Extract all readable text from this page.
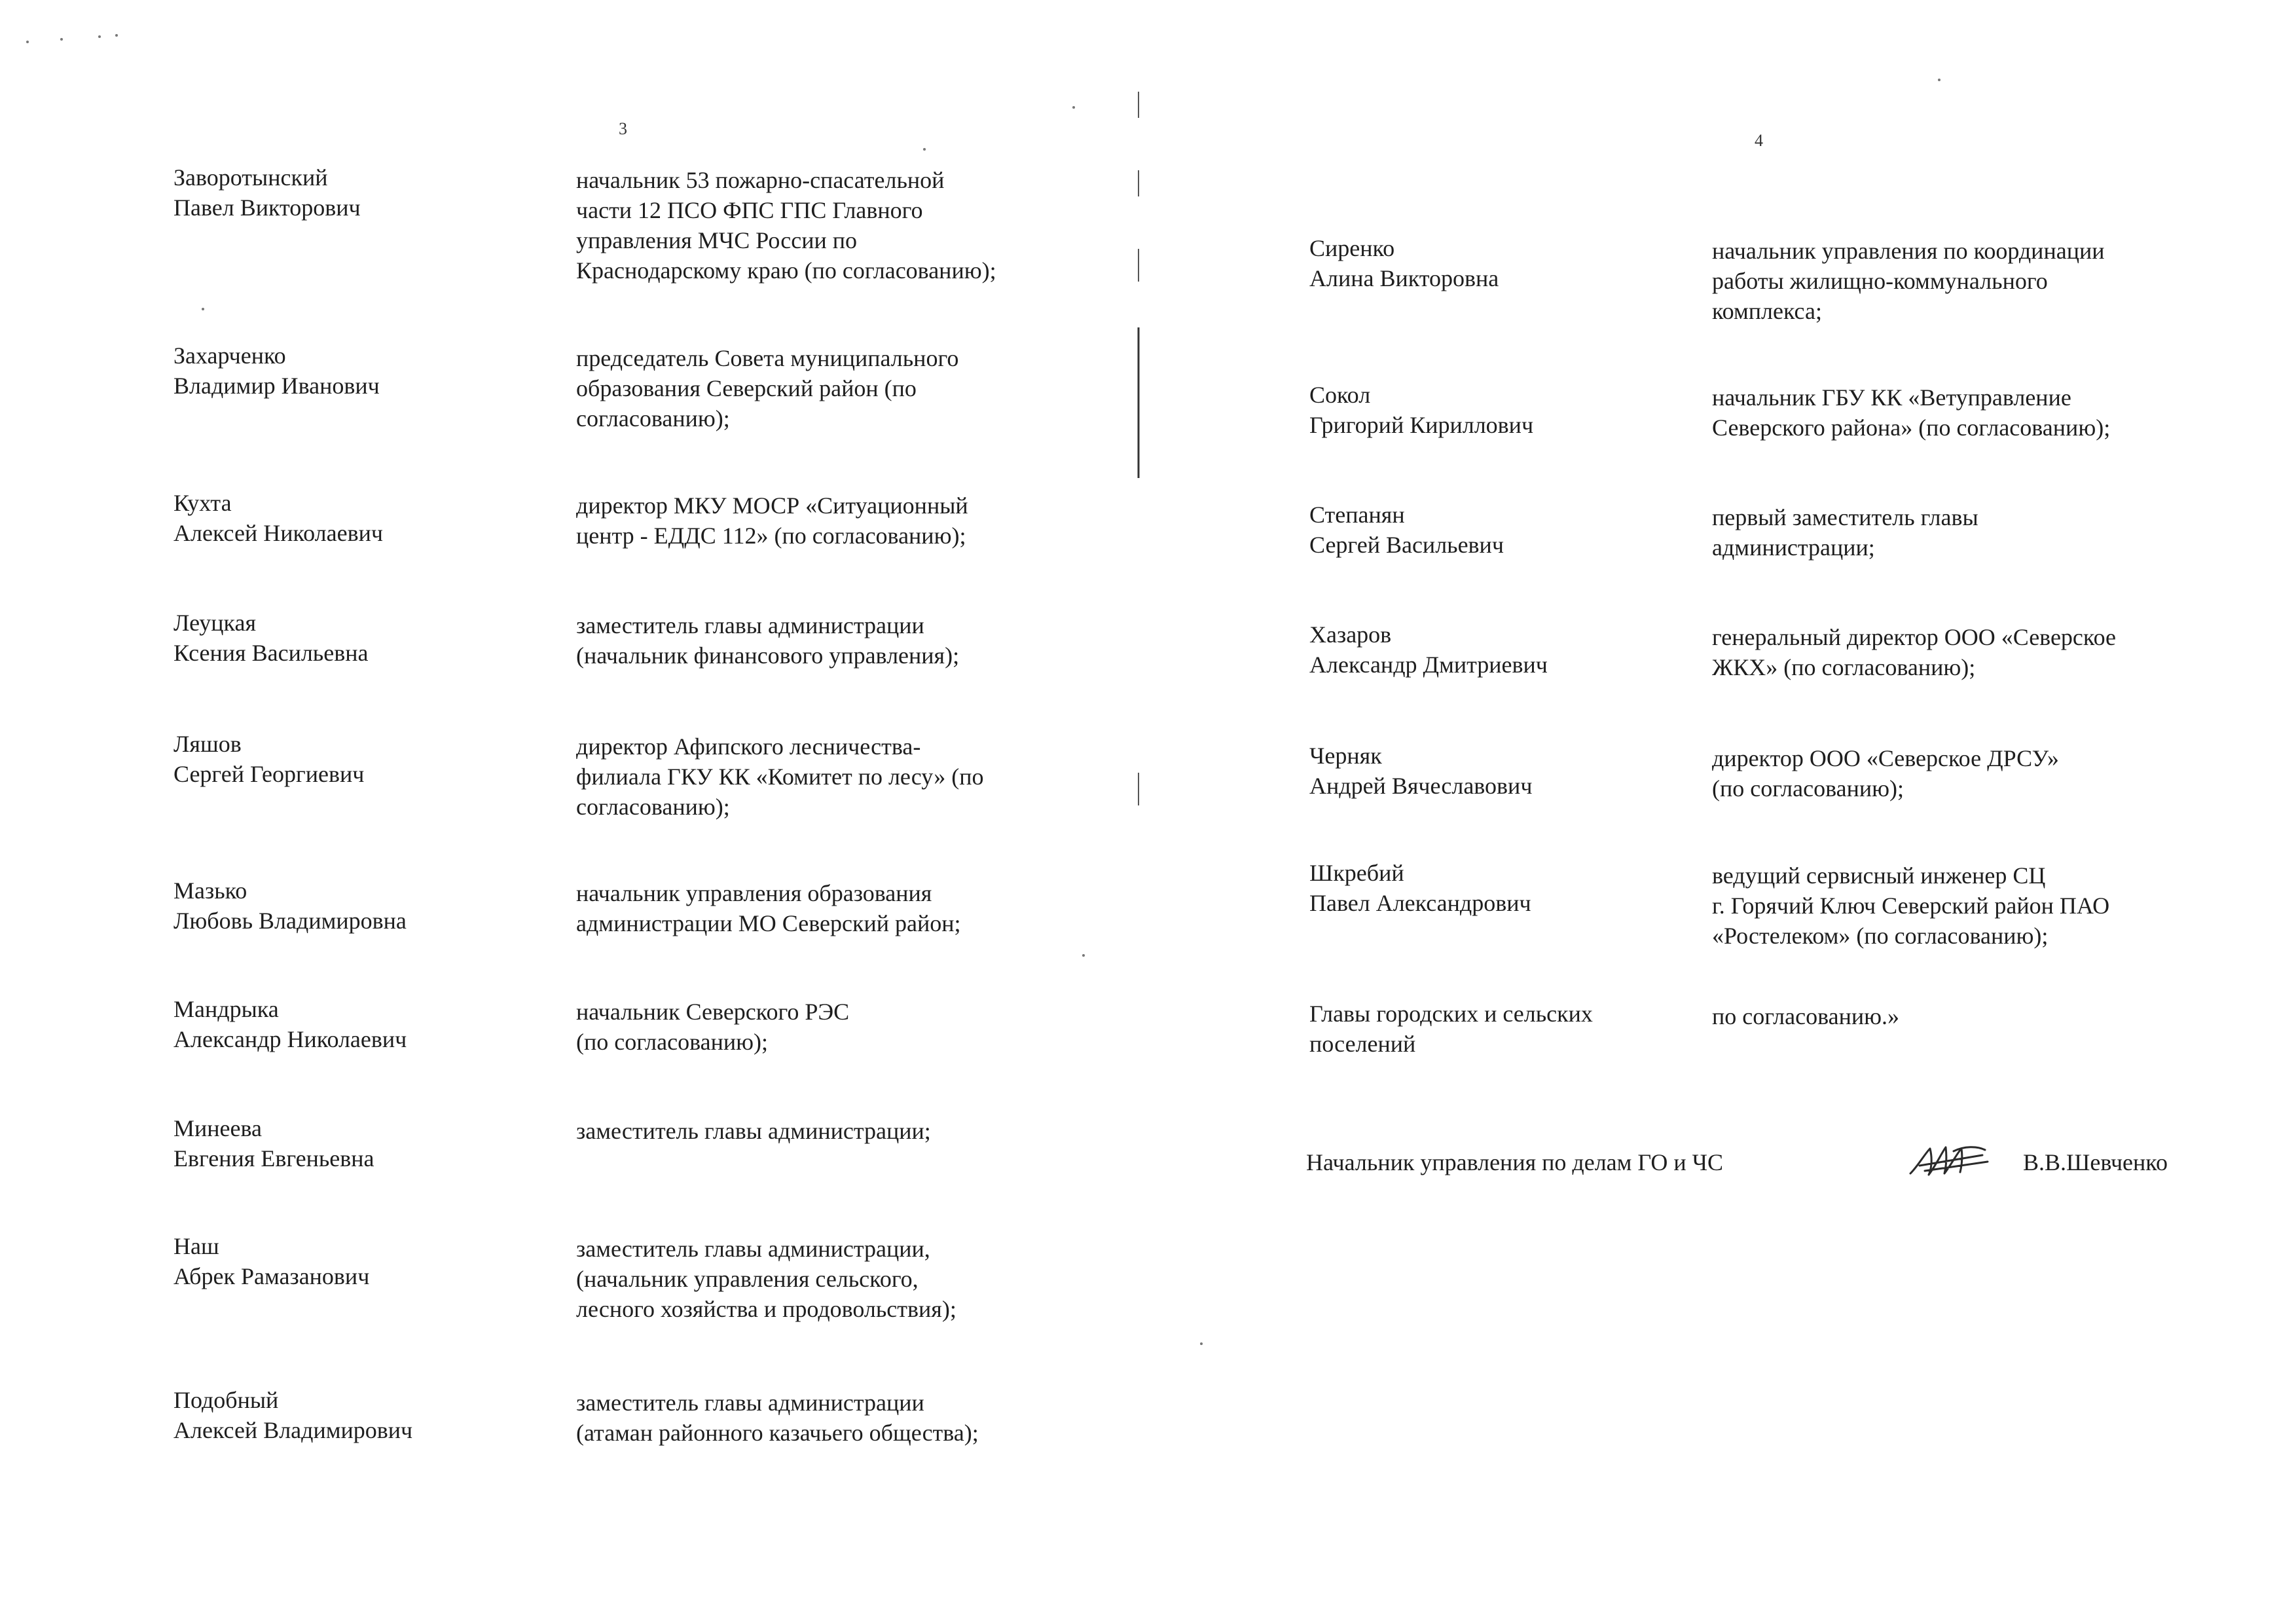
3
Заворотынский
Павел Викторович
начальник 53 пожарно-спасательной
части 12 ПСО ФПС ГПС Главного
управления МЧС России по
Краснодарскому краю (по согласованию);
Захарченко
Владимир Иванович
председатель Совета муниципального
образования Северский район (по
согласованию);
Кухта
Алексей Николаевич
директор МКУ МОСР «Ситуационный
центр - ЕДДС 112» (по согласованию);
Леуцкая
Ксения Васильевна
заместитель главы администрации
(начальник финансового управления);
Ляшов
Сергей Георгиевич
директор Афипского лесничества-
филиала ГКУ КК «Комитет по лесу» (по
согласованию);
Мазько
Любовь Владимировна
начальник управления образования
администрации МО Северский район;
Мандрыка
Александр Николаевич
начальник Северского РЭС
(по согласованию);
Минеева
Евгения Евгеньевна
заместитель главы администрации;
Наш
Абрек Рамазанович
заместитель главы администрации,
(начальник управления сельского,
лесного хозяйства и продовольствия);
Подобный
Алексей Владимирович
заместитель главы администрации
(атаман районного казачьего общества);
4
Сиренко
Алина Викторовна
начальник управления по координации
работы жилищно-коммунального
комплекса;
Сокол
Григорий Кириллович
начальник ГБУ КК «Ветуправление
Северского района» (по согласованию);
Степанян
Сергей Васильевич
первый заместитель главы
администрации;
Хазаров
Александр Дмитриевич
генеральный директор ООО «Северское
ЖКХ» (по согласованию);
Черняк
Андрей Вячеславович
директор ООО «Северское ДРСУ»
(по согласованию);
Шкребий
Павел Александрович
ведущий сервисный инженер СЦ
г. Горячий Ключ Северский район ПАО
«Ростелеком» (по согласованию);
Главы городских и сельских
поселений
по согласованию.»
Начальник управления по делам ГО и ЧС	В.В.Шевченко
